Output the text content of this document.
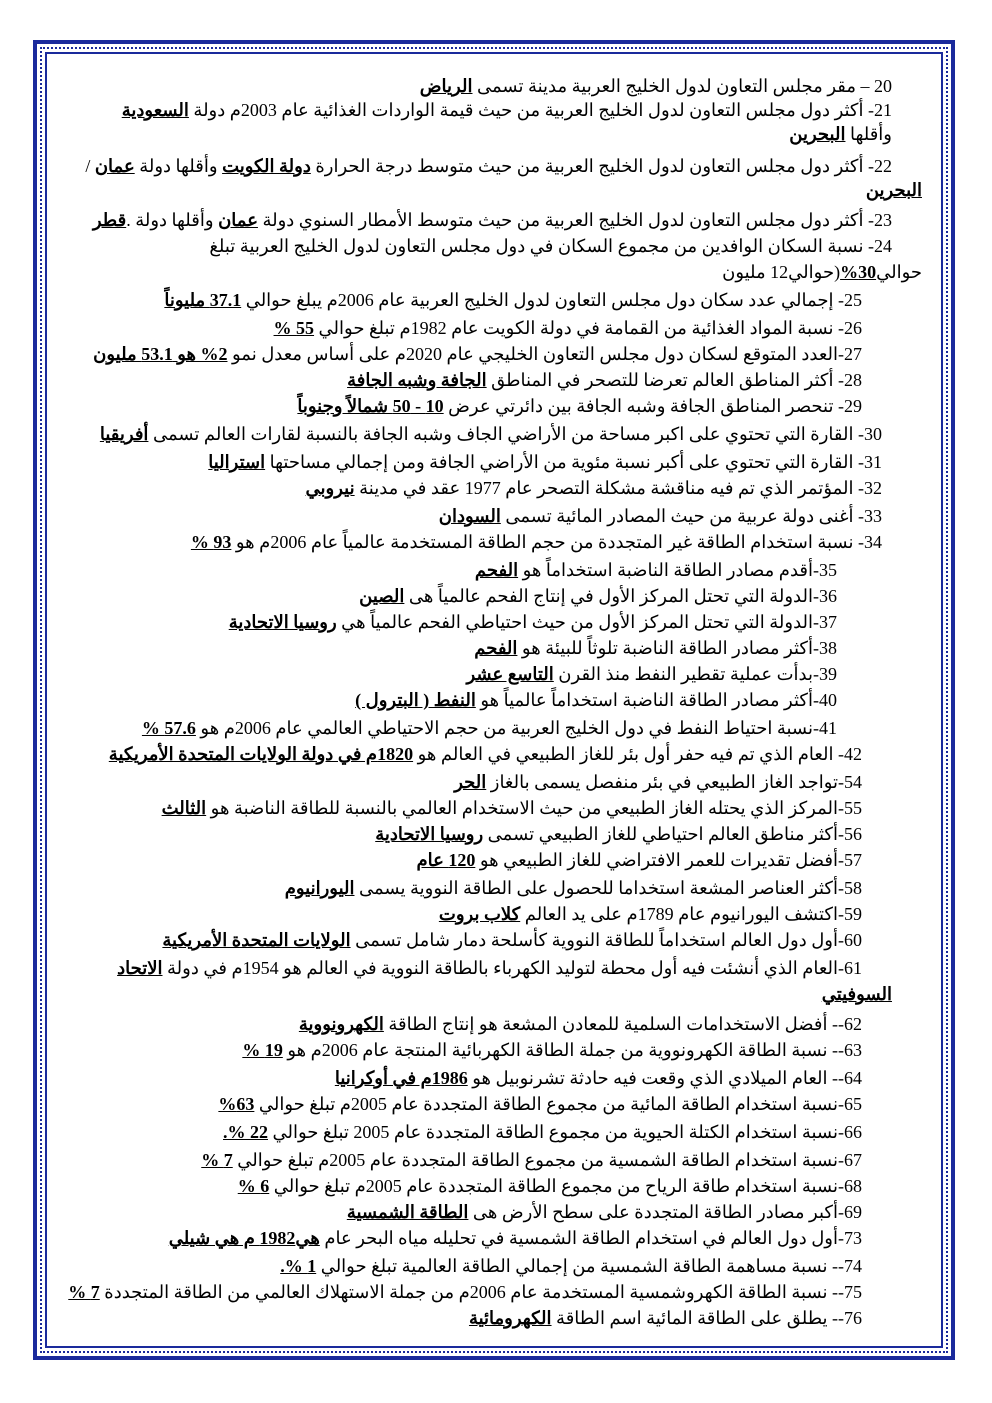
20 – مقر مجلس التعاون لدول الخليج العربية مدينة تسمى الرياض
21- أكثر دول مجلس التعاون لدول الخليج العربية من حيث قيمة الواردات الغذائية عام 2003م دولة السعودية
وأقلها البحرين
22- أكثر دول مجلس التعاون لدول الخليج العربية من حيث متوسط درجة الحرارة دولة الكويت وأقلها دولة عمان /
البحرين
23- أكثر دول مجلس التعاون لدول الخليج العربية من حيث متوسط الأمطار السنوي دولة عمان وأقلها دولة .قطر
24- نسبة السكان الوافدين من مجموع السكان في دول مجلس التعاون لدول الخليج العربية تبلغ
حوالي30%(حوالي12 مليون
25- إجمالي عدد سكان دول مجلس التعاون لدول الخليج العربية عام 2006م يبلغ حوالي 37.1 مليوناً
26- نسبة المواد الغذائية من القمامة في دولة الكويت عام 1982م تبلغ حوالي 55 %
27-العدد المتوقع لسكان دول مجلس التعاون الخليجي عام 2020م على أساس معدل نمو 2% هو 53.1 مليون
28- أكثر المناطق العالم تعرضا للتصحر في المناطق الجافة وشبه الجافة
29- تنحصر المناطق الجافة وشبه الجافة بين دائرتي عرض 10 - 50 شمالاً وجنوباً
30- القارة التي تحتوي على اكبر مساحة من الأراضي الجاف وشبه الجافة بالنسبة لقارات العالم تسمى أفريقيا
31- القارة التي تحتوي على أكبر نسبة مئوية من الأراضي الجافة ومن إجمالي مساحتها استراليا
32- المؤتمر الذي تم فيه مناقشة مشكلة التصحر عام 1977 عقد في مدينة نيروبي
33- أغنى دولة عربية من حيث المصادر المائية تسمى السودان
34- نسبة استخدام الطاقة غير المتجددة من حجم الطاقة المستخدمة عالمياً عام 2006م هو 93 %
35-أقدم مصادر الطاقة الناضبة استخداماً هو الفحم
36-الدولة التي تحتل المركز الأول في إنتاج الفحم عالمياً هى الصين
37-الدولة التي تحتل المركز الأول من حيث احتياطي الفحم عالمياً هي روسيا الاتحادية
38-أكثر مصادر الطاقة الناضبة تلوثاً للبيئة هو الفحم
39-بدأت عملية تقطير النفط منذ القرن التاسع عشر
40-أكثر مصادر الطاقة الناضبة استخداماً عالمياً هو النفط ( البترول )
41-نسبة احتياط النفط في دول الخليج العربية من حجم الاحتياطي العالمي عام 2006م هو 57.6 %
42- العام الذي تم فيه حفر أول بئر للغاز الطبيعي في العالم هو 1820م في دولة الولايات المتحدة الأمريكية
54-تواجد الغاز الطبيعي في بئر منفصل يسمى بالغاز الحر
55-المركز الذي يحتله الغاز الطبيعي من حيث الاستخدام العالمي بالنسبة للطاقة الناضبة هو الثالث
56-أكثر مناطق العالم احتياطي للغاز الطبيعي تسمى روسيا الاتحادية
57-أفضل تقديرات للعمر الافتراضي للغاز الطبيعي هو 120 عام
58-أكثر العناصر المشعة استخداما للحصول على الطاقة النووية يسمى اليورانيوم
59-اكتشف اليورانيوم عام 1789م على يد العالم كلاب بروت
60-أول دول العالم استخداماً للطاقة النووية كأسلحة دمار شامل تسمى الولايات المتحدة الأمريكية
61-العام الذي أنشئت فيه أول محطة لتوليد الكهرباء بالطاقة النووية في العالم هو 1954م في دولة الاتحاد
السوفيتي
62-- أفضل الاستخدامات السلمية للمعادن المشعة هو إنتاج الطاقة الكهرونووية
63-- نسبة الطاقة الكهرونووية من جملة الطاقة الكهربائية المنتجة عام 2006م هو 19 %
64-- العام الميلادي الذي وقعت فيه حادثة تشرنوبيل هو 1986م في أوكرانيا
65-نسبة استخدام الطاقة المائية من مجموع الطاقة المتجددة عام 2005م تبلغ حوالي 63%
66-نسبة استخدام الكتلة الحيوية من مجموع الطاقة المتجددة عام 2005 تبلغ حوالي 22 %.
67-نسبة استخدام الطاقة الشمسية من مجموع الطاقة المتجددة عام 2005م تبلغ حوالي 7 %
68-نسبة استخدام طاقة الرياح من مجموع الطاقة المتجددة عام 2005م تبلغ حوالي 6 %
69-أكبر مصادر الطاقة المتجددة على سطح الأرض هى الطاقة الشمسية
73-أول دول العالم في استخدام الطاقة الشمسية في تحليله مياه البحر عام هي1982 م هي شيلي
74-- نسبة مساهمة الطاقة الشمسية من إجمالي الطاقة العالمية تبلغ حوالي 1 %.
75-- نسبة الطاقة الكهروشمسية المستخدمة عام 2006م من جملة الاستهلاك العالمي من الطاقة المتجددة 7 %
76-- يطلق على الطاقة المائية اسم الطاقة الكهرومائية
